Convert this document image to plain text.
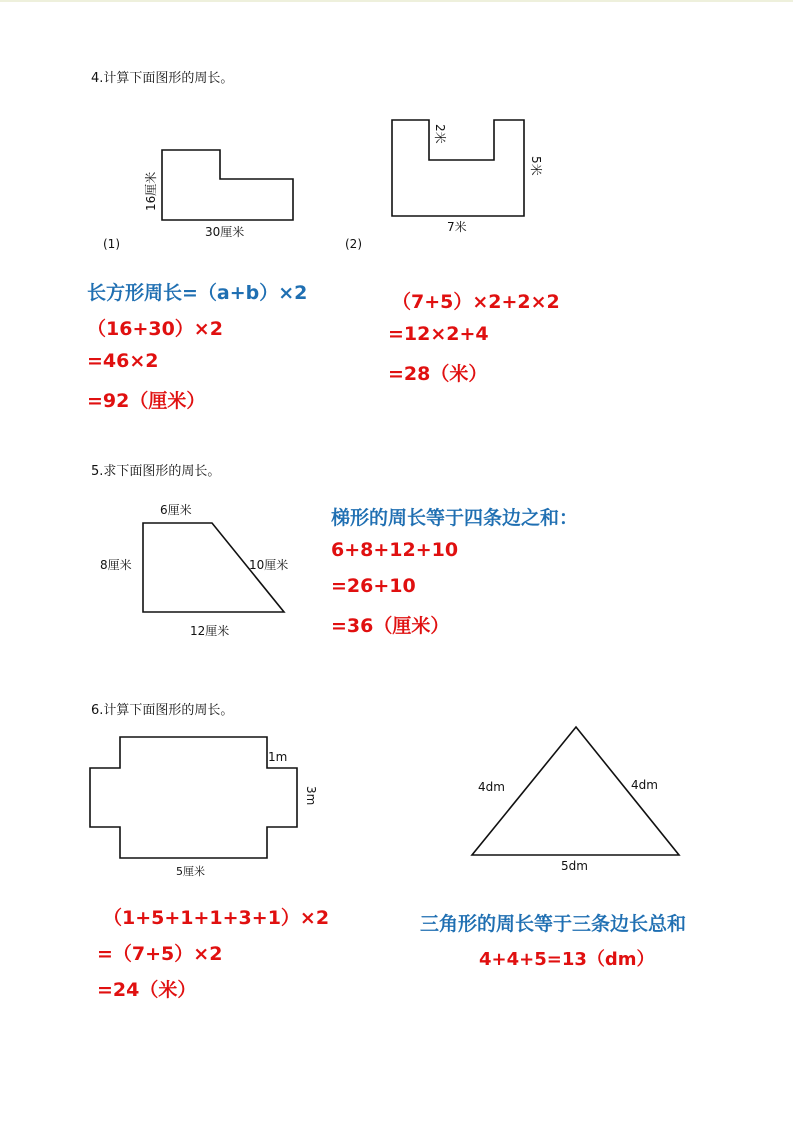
4.计算下面图形的周长。
16厘米
30厘米
(1)	(2)
2米
5米
7米
长方形周长=（a+b）×2
（16+30）×2
=46×2
=92（厘米）
（7+5）×2+2×2
=12×2+4
=28（米）
5.求下面图形的周长。
6厘米
8厘米	10厘米
12厘米
梯形的周长等于四条边之和：
6+8+12+10
=26+10
=36（厘米）
6.计算下面图形的周长。
1m
3m
5厘米
4dm	4dm
5dm
（1+5+1+1+3+1）×2
=（7+5）×2
=24（米）
三角形的周长等于三条边长总和
4+4+5=13（dm）
